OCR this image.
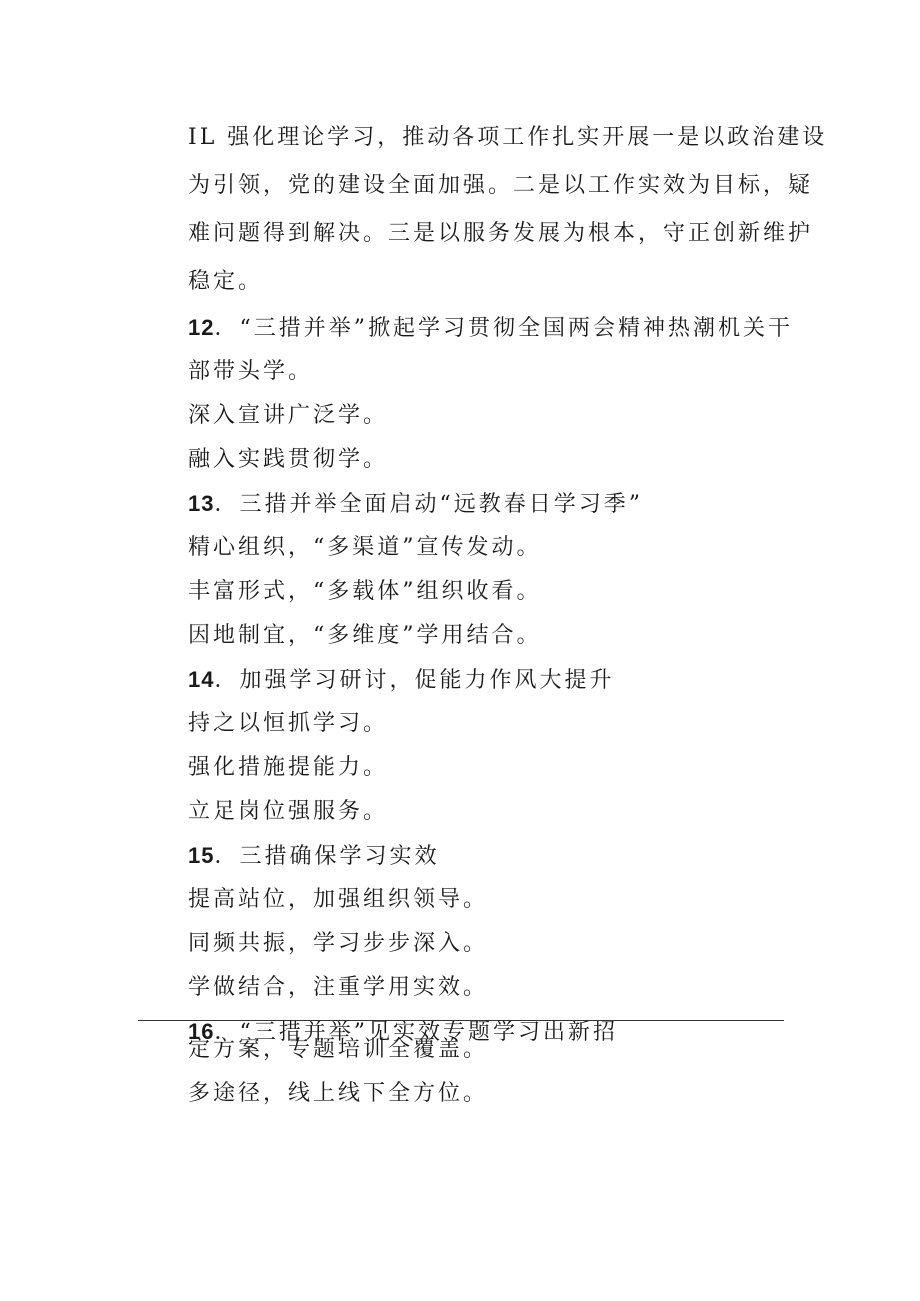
IL 强化理论学习，推动各项工作扎实开展一是以政治建设
为引领，党的建设全面加强。二是以工作实效为目标，疑
难问题得到解决。三是以服务发展为根本，守正创新维护
稳定。
12．“三措并举”掀起学习贯彻全国两会精神热潮机关干
部带头学。
深入宣讲广泛学。
融入实践贯彻学。
13．三措并举全面启动“远教春日学习季”
精心组织，“多渠道”宣传发动。
丰富形式，“多载体”组织收看。
因地制宜，“多维度”学用结合。
14．加强学习研讨，促能力作风大提升
持之以恒抓学习。
强化措施提能力。
立足岗位强服务。
15．三措确保学习实效
提高站位，加强组织领导。
同频共振，学习步步深入。
学做结合，注重学用实效。
16．“三措并举”见实效专题学习出新招
定方案，专题培训全覆盖。
多途径，线上线下全方位。
